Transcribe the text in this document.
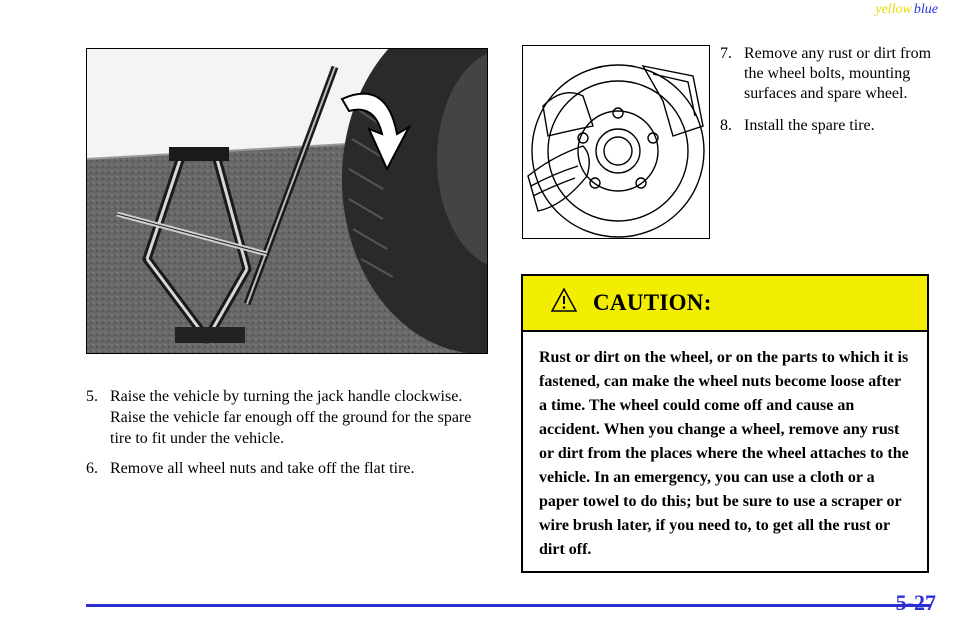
yellow blue
7. Remove any rust or dirt from the wheel bolts, mounting surfaces and spare wheel.
8. Install the spare tire.
5. Raise the vehicle by turning the jack handle clockwise. Raise the vehicle far enough off the ground for the spare tire to fit under the vehicle.
6. Remove all wheel nuts and take off the flat tire.
CAUTION:
Rust or dirt on the wheel, or on the parts to which it is fastened, can make the wheel nuts become loose after a time. The wheel could come off and cause an accident. When you change a wheel, remove any rust or dirt from the places where the wheel attaches to the vehicle. In an emergency, you can use a cloth or a paper towel to do this; but be sure to use a scraper or wire brush later, if you need to, to get all the rust or dirt off.
5-27
